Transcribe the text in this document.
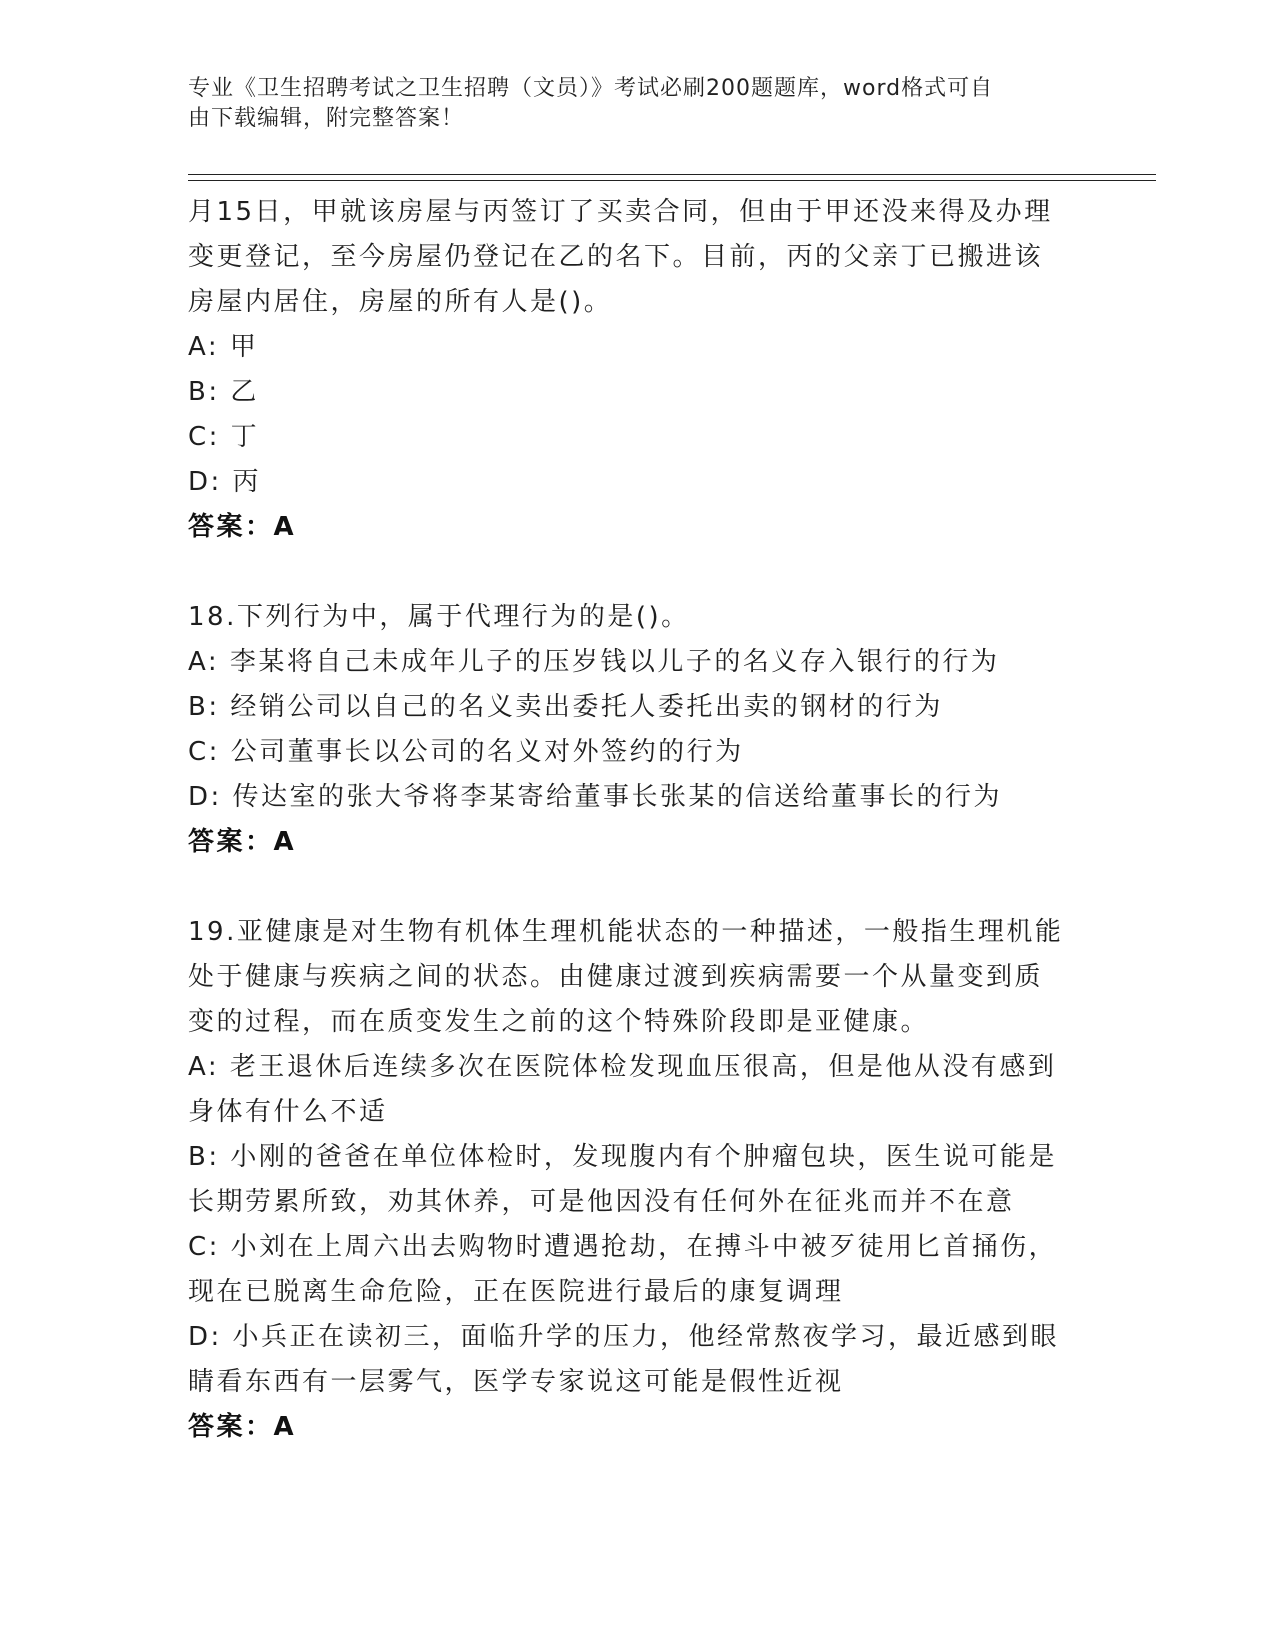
专业《卫生招聘考试之卫生招聘（文员）》考试必刷200题题库，word格式可自
由下载编辑，附完整答案！
月15日，甲就该房屋与丙签订了买卖合同，但由于甲还没来得及办理
变更登记，至今房屋仍登记在乙的名下。目前，丙的父亲丁已搬进该
房屋内居住，房屋的所有人是()。
A: 甲
B: 乙
C: 丁
D: 丙
答案：A
18.下列行为中，属于代理行为的是()。
A: 李某将自己未成年儿子的压岁钱以儿子的名义存入银行的行为
B: 经销公司以自己的名义卖出委托人委托出卖的钢材的行为
C: 公司董事长以公司的名义对外签约的行为
D: 传达室的张大爷将李某寄给董事长张某的信送给董事长的行为
答案：A
19.亚健康是对生物有机体生理机能状态的一种描述，一般指生理机能
处于健康与疾病之间的状态。由健康过渡到疾病需要一个从量变到质
变的过程，而在质变发生之前的这个特殊阶段即是亚健康。
A: 老王退休后连续多次在医院体检发现血压很高，但是他从没有感到
身体有什么不适
B: 小刚的爸爸在单位体检时，发现腹内有个肿瘤包块，医生说可能是
长期劳累所致，劝其休养，可是他因没有任何外在征兆而并不在意
C: 小刘在上周六出去购物时遭遇抢劫，在搏斗中被歹徒用匕首捅伤，
现在已脱离生命危险，正在医院进行最后的康复调理
D: 小兵正在读初三，面临升学的压力，他经常熬夜学习，最近感到眼
睛看东西有一层雾气，医学专家说这可能是假性近视
答案：A
